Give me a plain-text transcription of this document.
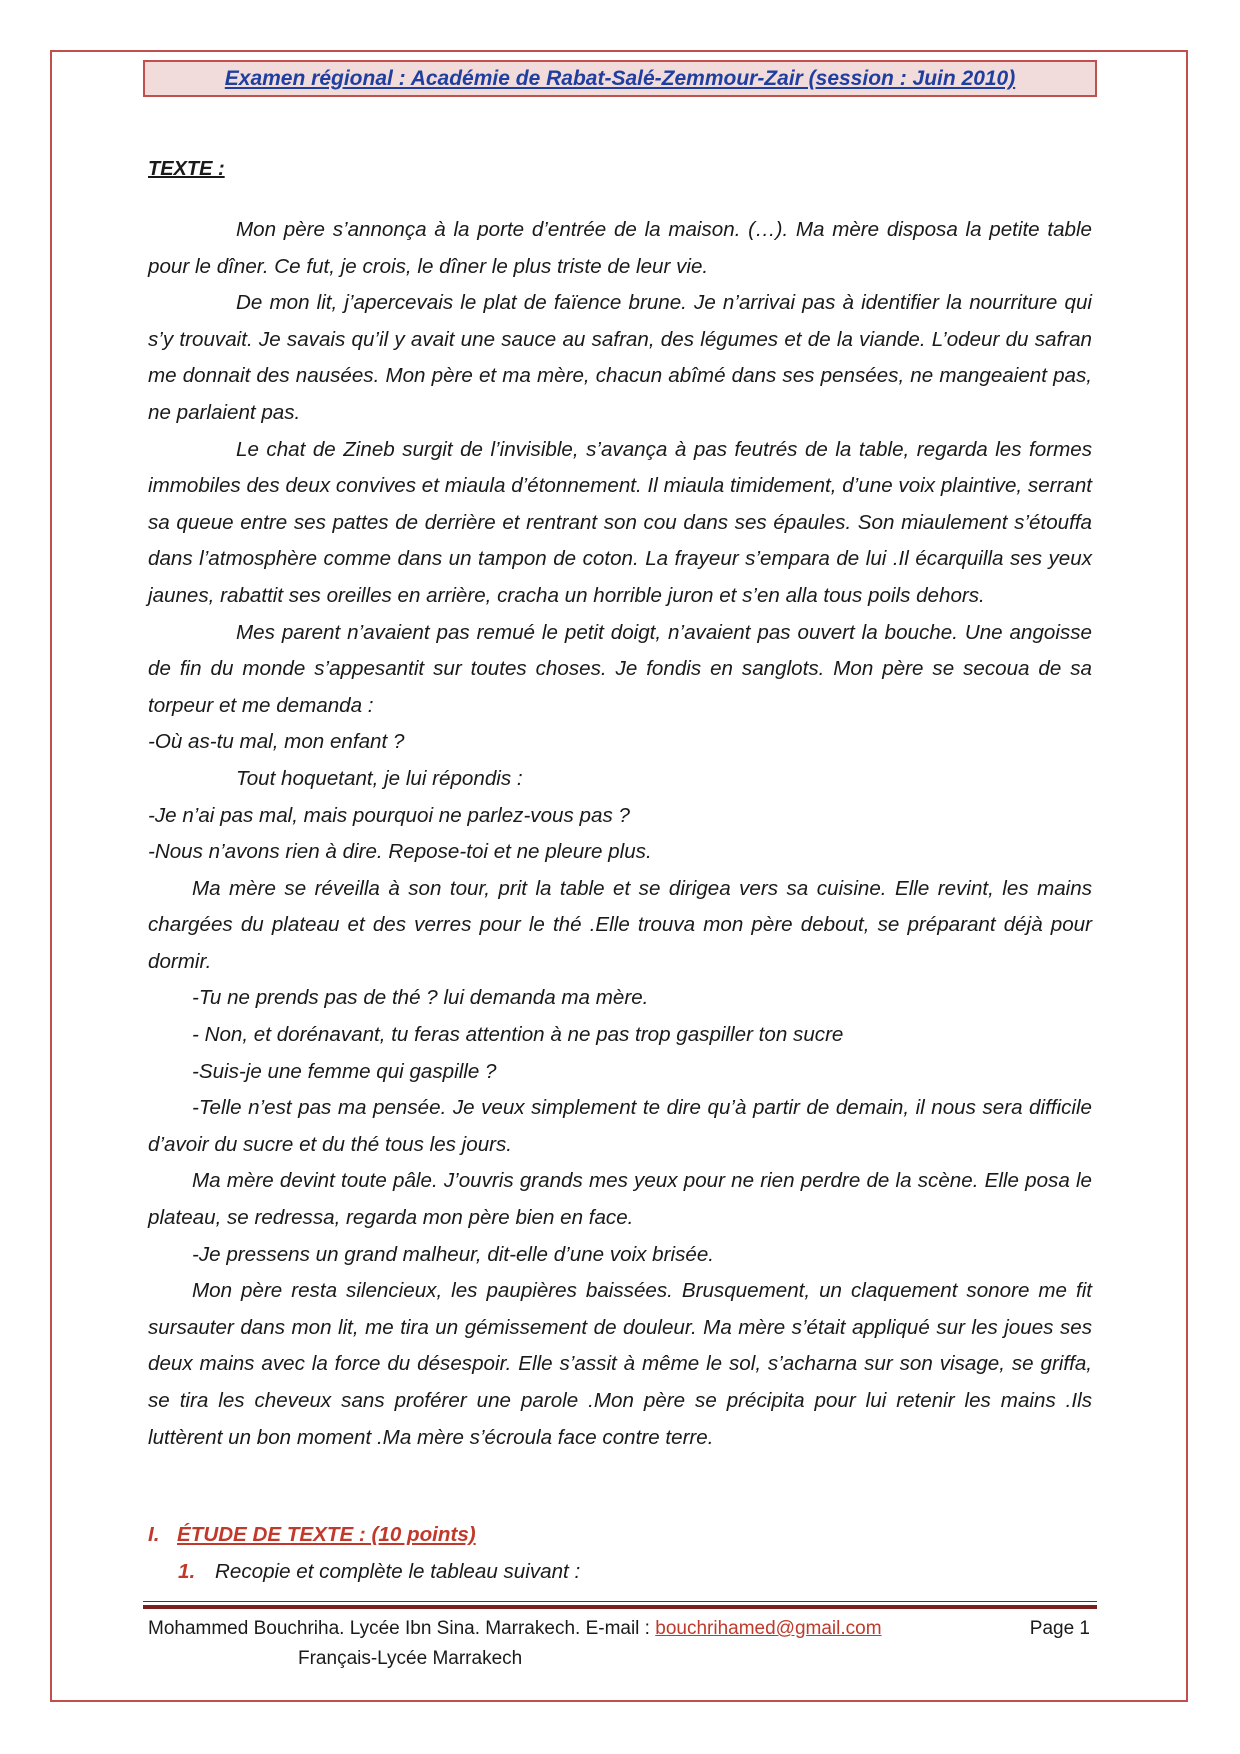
Examen régional : Académie de Rabat-Salé-Zemmour-Zair (session : Juin 2010)
TEXTE :

Mon père s’annonça à la porte d’entrée de la maison. (…). Ma mère disposa la petite table pour le dîner. Ce fut, je crois, le dîner le plus triste de leur vie.

De mon lit, j’apercevais le plat de faïence brune. Je n’arrivai pas à identifier la nourriture qui s’y trouvait. Je savais qu’il y avait une sauce au safran, des légumes et de la viande. L’odeur du safran me donnait des nausées. Mon père et ma mère, chacun abîmé dans ses pensées, ne mangeaient pas, ne parlaient pas.

Le chat de Zineb surgit de l’invisible, s’avança à pas feutrés de la table, regarda les formes immobiles des deux convives et miaula d’étonnement. Il miaula timidement, d’une voix plaintive, serrant sa queue entre ses pattes de derrière et rentrant son cou dans ses épaules. Son miaulement s’étouffa dans l’atmosphère comme dans un tampon de coton. La frayeur s’empara de lui .Il écarquilla ses yeux jaunes, rabattit ses oreilles en arrière, cracha un horrible juron et s’en alla tous poils dehors.

Mes parent n’avaient pas remué le petit doigt, n’avaient pas ouvert la bouche. Une angoisse de fin du monde s’appesantit sur toutes choses. Je fondis en sanglots. Mon père se secoua de sa torpeur et me demanda :

-Où as-tu mal, mon enfant ?

Tout hoquetant, je lui répondis :

-Je n’ai pas mal, mais pourquoi ne parlez-vous pas ?

-Nous n’avons rien à dire. Repose-toi et ne pleure plus.

Ma mère se réveilla à son tour, prit la table et se dirigea vers sa cuisine. Elle revint, les mains chargées du plateau et des verres pour le thé .Elle trouva mon père debout, se préparant déjà pour dormir.

-Tu ne prends pas de thé ? lui demanda ma mère.

- Non, et dorénavant, tu feras attention à ne pas trop gaspiller ton sucre

-Suis-je une femme qui gaspille ?

-Telle n’est pas ma pensée. Je veux simplement te dire qu’à partir de demain, il nous sera difficile d’avoir du sucre et du thé tous les jours.

Ma mère devint toute pâle. J’ouvris grands mes yeux pour ne rien perdre de la scène. Elle posa le plateau, se redressa, regarda mon père bien en face.

-Je pressens un grand malheur, dit-elle d’une voix brisée.

Mon père resta silencieux, les paupières baissées. Brusquement, un claquement sonore me fit sursauter dans mon lit, me tira un gémissement de douleur. Ma mère s’était appliqué sur les joues ses deux mains avec la force du désespoir. Elle s’assit à même le sol, s’acharna sur son visage, se griffa, se tira les cheveux sans proférer une parole .Mon père se précipita pour lui retenir les mains .Ils luttèrent un bon moment .Ma mère s’écroula face contre terre.

I. ÉTUDE DE TEXTE : (10 points)
1. Recopie et complète le tableau suivant :
Mohammed Bouchriha. Lycée Ibn Sina. Marrakech. E-mail : bouchrihamed@gmail.com	Page 1
Français-Lycée Marrakech
